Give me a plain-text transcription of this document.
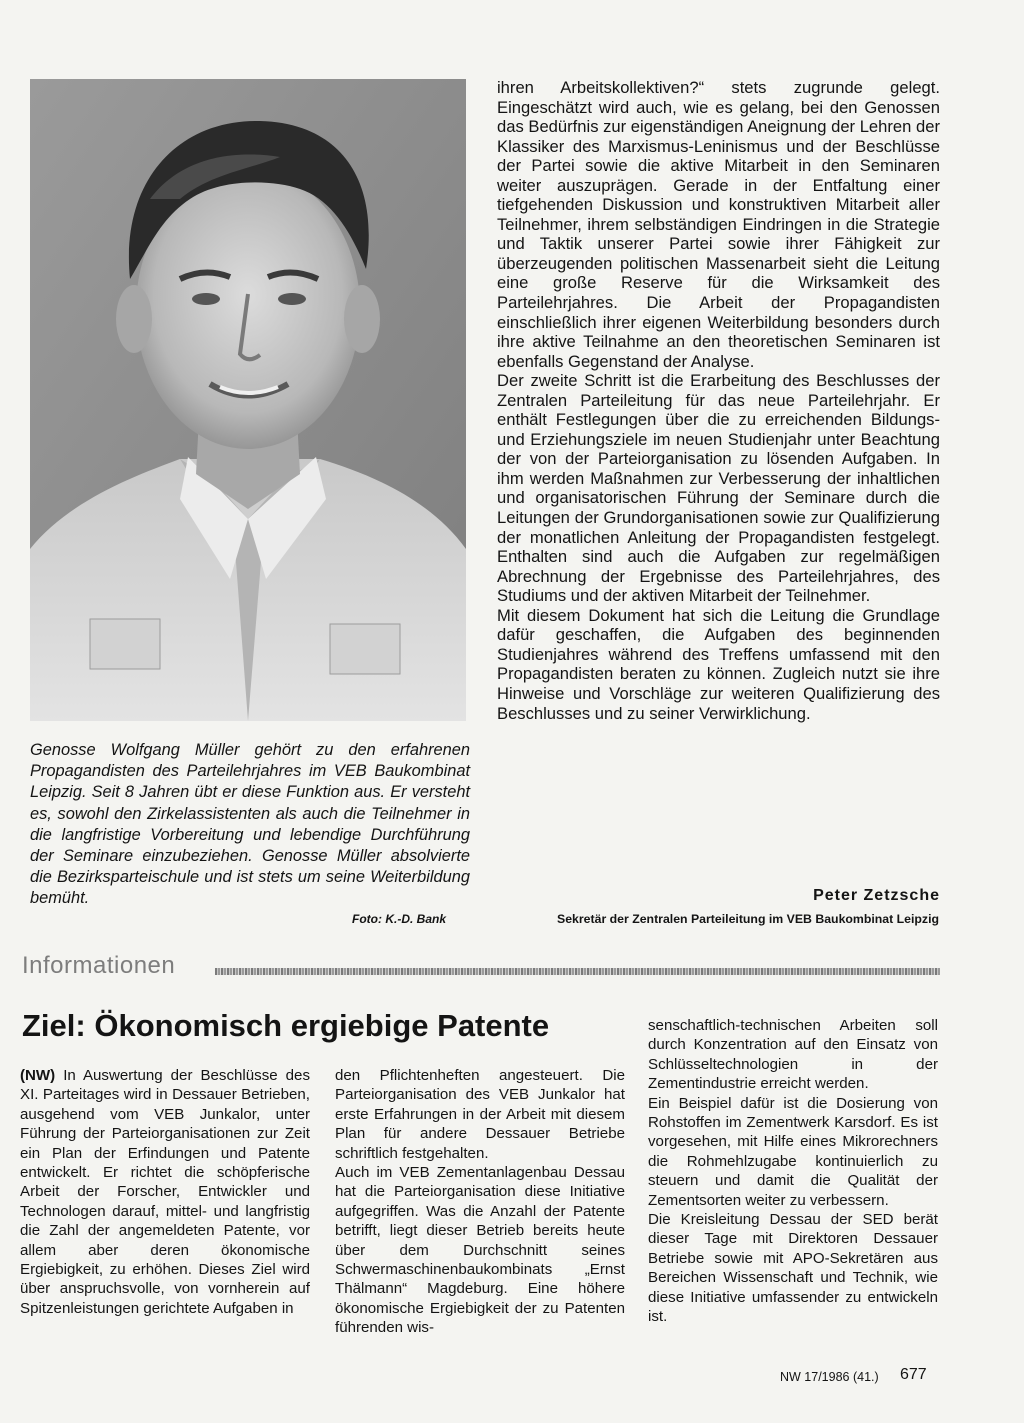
Genosse Wolfgang Müller gehört zu den erfahrenen Propagandisten des Parteilehrjahres im VEB Baukombinat Leipzig. Seit 8 Jahren übt er diese Funktion aus. Er versteht es, sowohl den Zirkelassistenten als auch die Teilnehmer in die langfristige Vorbereitung und lebendige Durchführung der Seminare einzubeziehen. Genosse Müller absolvierte die Bezirksparteischule und ist stets um seine Weiterbildung bemüht.

Foto: K.-D. Bank

ihren Arbeitskollektiven?“ stets zugrunde gelegt. Eingeschätzt wird auch, wie es gelang, bei den Genossen das Bedürfnis zur eigenständigen Aneignung der Lehren der Klassiker des Marxismus-Leninismus und der Beschlüsse der Partei sowie die aktive Mitarbeit in den Seminaren weiter auszuprägen. Gerade in der Entfaltung einer tiefgehenden Diskussion und konstruktiven Mitarbeit aller Teilnehmer, ihrem selbständigen Eindringen in die Strategie und Taktik unserer Partei sowie ihrer Fähigkeit zur überzeugenden politischen Massenarbeit sieht die Leitung eine große Reserve für die Wirksamkeit des Parteilehrjahres. Die Arbeit der Propagandisten einschließlich ihrer eigenen Weiterbildung besonders durch ihre aktive Teilnahme an den theoretischen Seminaren ist ebenfalls Gegenstand der Analyse.

Der zweite Schritt ist die Erarbeitung des Beschlusses der Zentralen Parteileitung für das neue Parteilehrjahr. Er enthält Festlegungen über die zu erreichenden Bildungs- und Erziehungsziele im neuen Studienjahr unter Beachtung der von der Parteiorganisation zu lösenden Aufgaben. In ihm werden Maßnahmen zur Verbesserung der inhaltlichen und organisatorischen Führung der Seminare durch die Leitungen der Grundorganisationen sowie zur Qualifizierung der monatlichen Anleitung der Propagandisten festgelegt. Enthalten sind auch die Aufgaben zur regelmäßigen Abrechnung der Ergebnisse des Parteilehrjahres, des Studiums und der aktiven Mitarbeit der Teilnehmer.

Mit diesem Dokument hat sich die Leitung die Grundlage dafür geschaffen, die Aufgaben des beginnenden Studienjahres während des Treffens umfassend mit den Propagandisten beraten zu können. Zugleich nutzt sie ihre Hinweise und Vorschläge zur weiteren Qualifizierung des Beschlusses und zu seiner Verwirklichung.

Peter Zetzsche
Sekretär der Zentralen Parteileitung im VEB Baukombinat Leipzig
Informationen
Ziel: Ökonomisch ergiebige Patente

(NW) In Auswertung der Beschlüsse des XI. Parteitages wird in Dessauer Betrieben, ausgehend vom VEB Junkalor, unter Führung der Parteiorganisationen zur Zeit ein Plan der Erfindungen und Patente entwickelt. Er richtet die schöpferische Arbeit der Forscher, Entwickler und Technologen darauf, mittel- und langfristig die Zahl der angemeldeten Patente, vor allem aber deren ökonomische Ergiebigkeit, zu erhöhen. Dieses Ziel wird über anspruchsvolle, von vornherein auf Spitzenleistungen gerichtete Aufgaben in

den Pflichtenheften angesteuert. Die Parteiorganisation des VEB Junkalor hat erste Erfahrungen in der Arbeit mit diesem Plan für andere Dessauer Betriebe schriftlich festgehalten.

Auch im VEB Zementanlagenbau Dessau hat die Parteiorganisation diese Initiative aufgegriffen. Was die Anzahl der Patente betrifft, liegt dieser Betrieb bereits heute über dem Durchschnitt seines Schwermaschinenbaukombinats „Ernst Thälmann“ Magdeburg. Eine höhere ökonomische Ergiebigkeit der zu Patenten führenden wis-

senschaftlich-technischen Arbeiten soll durch Konzentration auf den Einsatz von Schlüsseltechnologien in der Zementindustrie erreicht werden.

Ein Beispiel dafür ist die Dosierung von Rohstoffen im Zementwerk Karsdorf. Es ist vorgesehen, mit Hilfe eines Mikrorechners die Rohmehlzugabe kontinuierlich zu steuern und damit die Qualität der Zementsorten weiter zu verbessern.

Die Kreisleitung Dessau der SED berät dieser Tage mit Direktoren Dessauer Betriebe sowie mit APO-Sekretären aus Bereichen Wissenschaft und Technik, wie diese Initiative umfassender zu entwickeln ist.

NW 17/1986 (41.) 677
